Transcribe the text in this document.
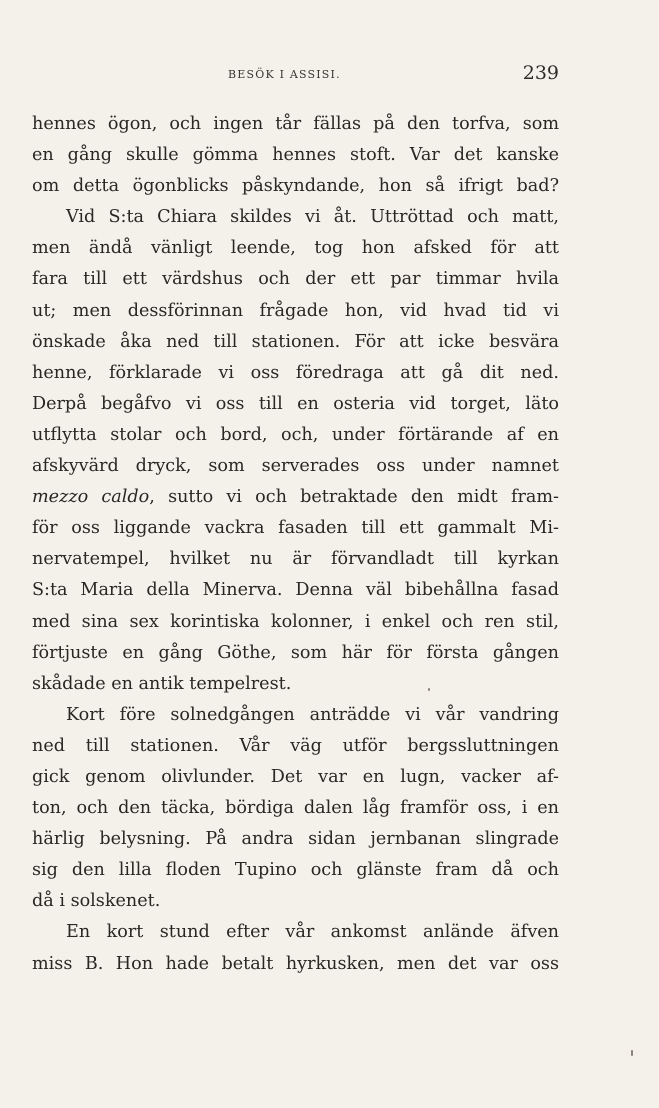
BESÖK I ASSISI.	239
hennes ögon, och ingen tår fällas på den torfva, som
en gång skulle gömma hennes stoft. Var det kanske
om detta ögonblicks påskyndande, hon så ifrigt bad?
Vid S:ta Chiara skildes vi åt. Uttröttad och matt,
men ändå vänligt leende, tog hon afsked för att
fara till ett värdshus och der ett par timmar hvila
ut; men dessförinnan frågade hon, vid hvad tid vi
önskade åka ned till stationen. För att icke besvära
henne, förklarade vi oss föredraga att gå dit ned.
Derpå begåfvo vi oss till en osteria vid torget, läto
utflytta stolar och bord, och, under förtärande af en
afskyvärd dryck, som serverades oss under namnet
mezzo caldo, sutto vi och betraktade den midt fram-
för oss liggande vackra fasaden till ett gammalt Mi-
nervatempel, hvilket nu är förvandladt till kyrkan
S:ta Maria della Minerva. Denna väl bibehållna fasad
med sina sex korintiska kolonner, i enkel och ren stil,
förtjuste en gång Göthe, som här för första gången
skådade en antik tempelrest.
Kort före solnedgången anträdde vi vår vandring
ned till stationen. Vår väg utför bergssluttningen
gick genom olivlunder. Det var en lugn, vacker af-
ton, och den täcka, bördiga dalen låg framför oss, i en
härlig belysning. På andra sidan jernbanan slingrade
sig den lilla floden Tupino och glänste fram då och
då i solskenet.
En kort stund efter vår ankomst anlände äfven
miss B. Hon hade betalt hyrkusken, men det var oss
